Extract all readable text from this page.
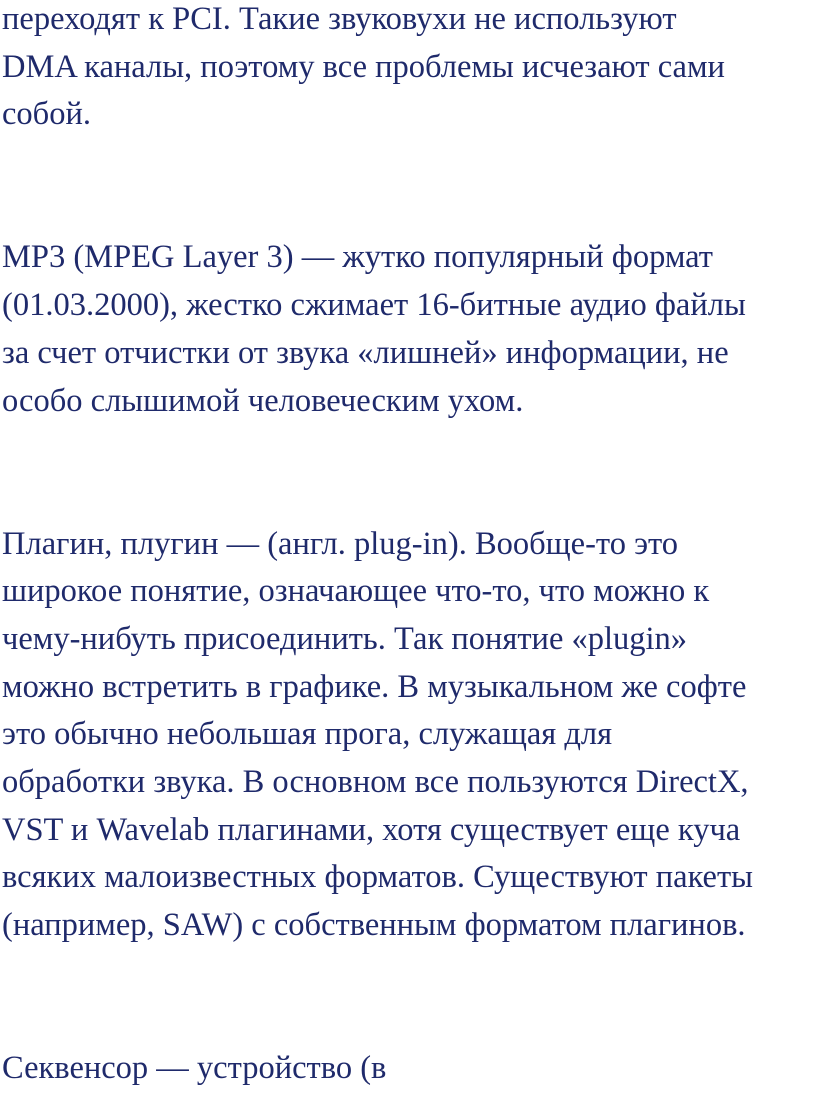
переходят к PCI. Такие звуковухи не используют
DMA каналы, поэтому все проблемы исчезают сами
собой.

MP3 (MPEG Layer 3) — жутко популярный формат
(01.03.2000), жестко сжимает 16-битные аудио файлы
за счет отчистки от звука «лишней» информации, не
особо слышимой человеческим ухом.

Плагин, плугин — (англ. plug-in). Вообще-то это
широкое понятие, означающее что-то, что можно к
чему-нибуть присоединить. Так понятие «plugin»
можно встретить в графике. В музыкальном же софте
это обычно небольшая прога, служащая для
обработки звука. В основном все пользуются DirectX,
VST и Wavelab плагинами, хотя существует еще куча
всяких малоизвестных форматов. Существуют пакеты
(например, SAW) с собственным форматом плагинов.

Секвенсор — устройство (в
